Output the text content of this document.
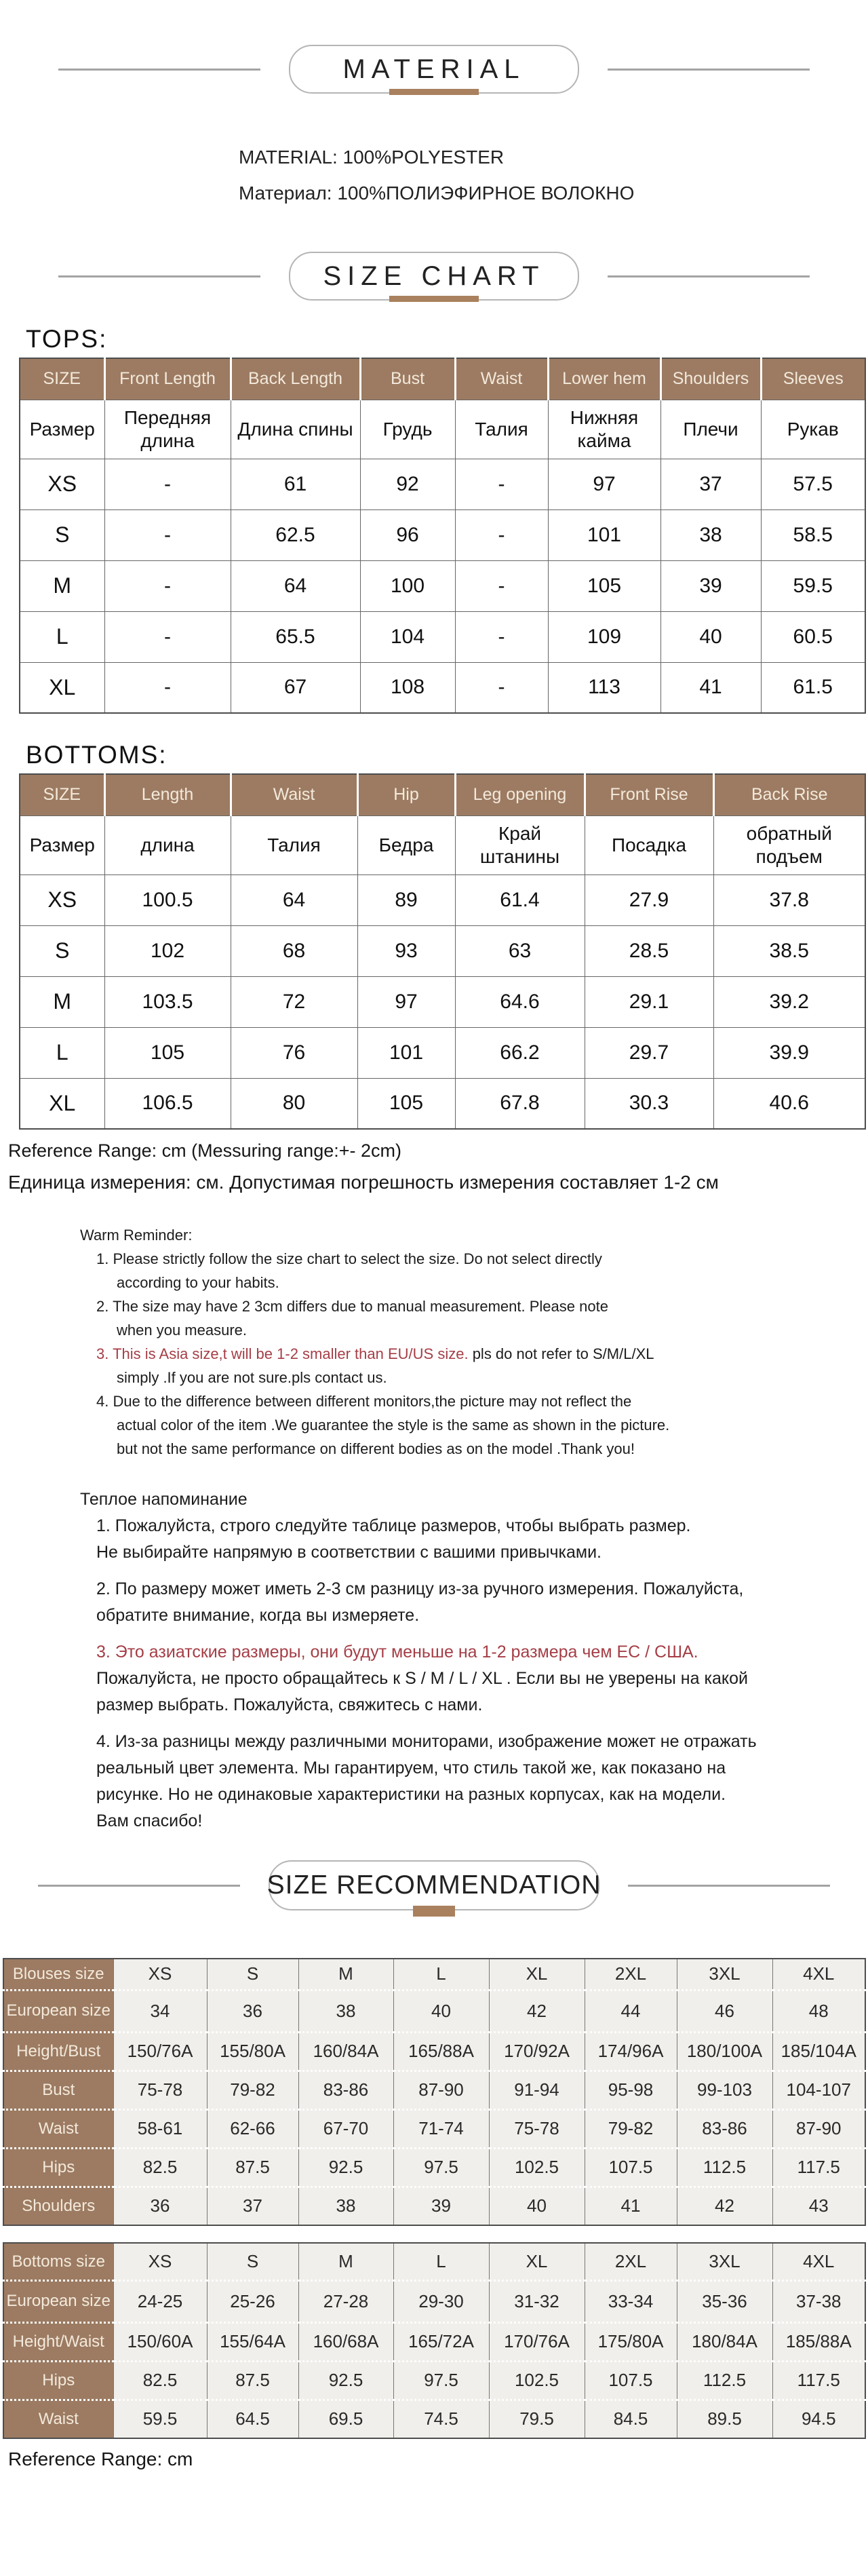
MATERIAL
MATERIAL: 100%POLYESTER
Материал: 100%ПОЛИЭФИРНОЕ ВОЛОКНО
SIZE CHART
TOPS:
SIZE	Front Length	Back Length	Bust	Waist	Lower hem	Shoulders	Sleeves
Размер	Передняя длина	Длина спины	Грудь	Талия	Нижняя кайма	Плечи	Рукав
XS	-	61	92	-	97	37	57.5
S	-	62.5	96	-	101	38	58.5
M	-	64	100	-	105	39	59.5
L	-	65.5	104	-	109	40	60.5
XL	-	67	108	-	113	41	61.5
BOTTOMS:
SIZE	Length	Waist	Hip	Leg opening	Front Rise	Back Rise
Размер	длина	Талия	Бедра	Край штанины	Посадка	обратный подъем
XS	100.5	64	89	61.4	27.9	37.8
S	102	68	93	63	28.5	38.5
M	103.5	72	97	64.6	29.1	39.2
L	105	76	101	66.2	29.7	39.9
XL	106.5	80	105	67.8	30.3	40.6
Reference Range: cm (Messuring range:+- 2cm)
Единица измерения: см. Допустимая погрешность измерения составляет 1-2 см
Warm Reminder:
1. Please strictly follow the size chart to select the size. Do not select directly
according to your habits.
2. The size may have 2 3cm differs due to manual measurement. Please note
when you measure.
3. This is Asia size,t will be 1-2 smaller than EU/US size. pls do not refer to S/M/L/XL
simply .If you are not sure.pls contact us.
4. Due to the difference between different monitors,the picture may not reflect the
actual color of the item .We guarantee the style is the same as shown in the picture.
but not the same performance on different bodies as on the model .Thank you!
Теплое напоминание
1. Пожалуйста, строго следуйте таблице размеров, чтобы выбрать размер.
Не выбирайте напрямую в соответствии с вашими привычками.
2. По размеру может иметь 2-3 см разницу из-за ручного измерения. Пожалуйста,
обратите внимание, когда вы измеряете.
3. Это азиатские размеры, они будут меньше на 1-2 размера чем ЕС / США.
Пожалуйста, не просто обращайтесь к S / M / L / XL . Если вы не уверены на какой
размер выбрать. Пожалуйста, свяжитесь с нами.
4. Из-за разницы между различными мониторами, изображение может не отражать
реальный цвет элемента. Мы гарантируем, что стиль такой же, как показано на
рисунке. Но не одинаковые характеристики на разных корпусах, как на модели.
Вам спасибо!
SIZE RECOMMENDATION
Blouses size	XS	S	M	L	XL	2XL	3XL	4XL
European size	34	36	38	40	42	44	46	48
Height/Bust	150/76A	155/80A	160/84A	165/88A	170/92A	174/96A	180/100A	185/104A
Bust	75-78	79-82	83-86	87-90	91-94	95-98	99-103	104-107
Waist	58-61	62-66	67-70	71-74	75-78	79-82	83-86	87-90
Hips	82.5	87.5	92.5	97.5	102.5	107.5	112.5	117.5
Shoulders	36	37	38	39	40	41	42	43
Bottoms size	XS	S	M	L	XL	2XL	3XL	4XL
European size	24-25	25-26	27-28	29-30	31-32	33-34	35-36	37-38
Height/Waist	150/60A	155/64A	160/68A	165/72A	170/76A	175/80A	180/84A	185/88A
Hips	82.5	87.5	92.5	97.5	102.5	107.5	112.5	117.5
Waist	59.5	64.5	69.5	74.5	79.5	84.5	89.5	94.5
Reference Range: cm
